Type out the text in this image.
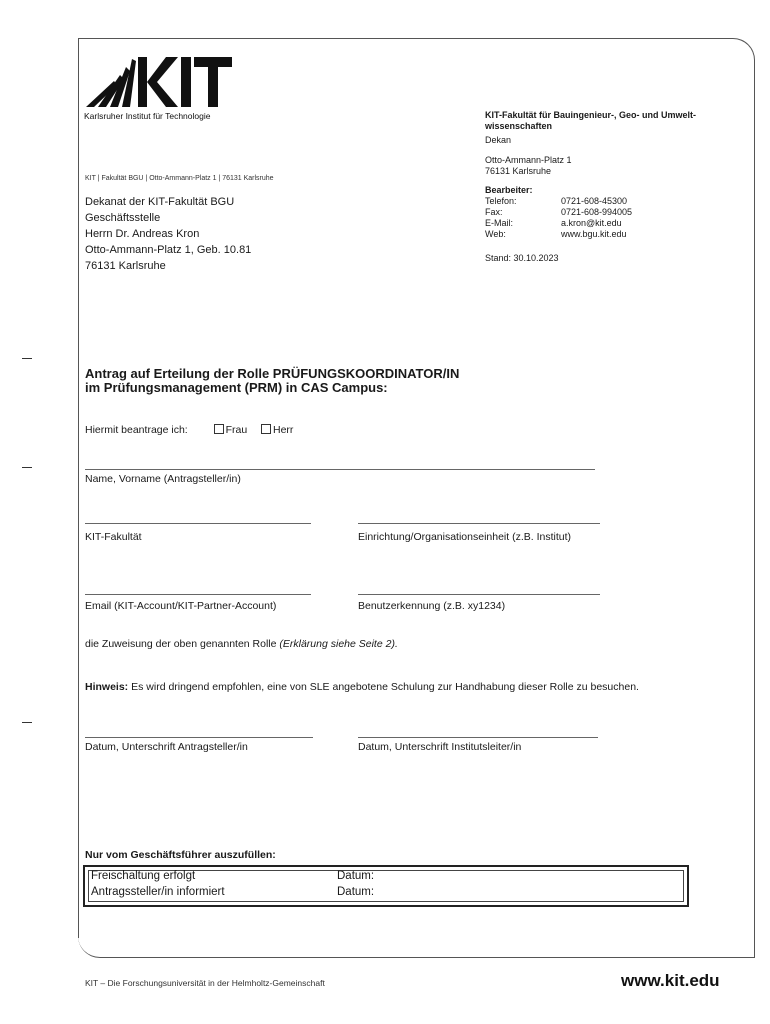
Karlsruher Institut für Technologie
KIT | Fakultät BGU | Otto-Ammann-Platz 1 | 76131 Karlsruhe
Dekanat der KIT-Fakultät BGU
Geschäftsstelle
Herrn Dr. Andreas Kron
Otto-Ammann-Platz 1, Geb. 10.81
76131 Karlsruhe
KIT-Fakultät für Bauingenieur-, Geo- und Umwelt-wissenschaften
Dekan
Otto-Ammann-Platz 1
76131 Karlsruhe
Bearbeiter:
Telefon:	0721-608-45300
Fax:	0721-608-994005
E-Mail:	a.kron@kit.edu
Web:	www.bgu.kit.edu
Stand: 30.10.2023
Antrag auf Erteilung der Rolle PRÜFUNGSKOORDINATOR/IN
im Prüfungsmanagement (PRM) in CAS Campus:
Hiermit beantrage ich:	Frau Herr
Name, Vorname (Antragsteller/in)
KIT-Fakultät	Einrichtung/Organisationseinheit (z.B. Institut)
Email (KIT-Account/KIT-Partner-Account)	Benutzerkennung (z.B. xy1234)
die Zuweisung der oben genannten Rolle (Erklärung siehe Seite 2).
Hinweis: Es wird dringend empfohlen, eine von SLE angebotene Schulung zur Handhabung dieser Rolle zu besuchen.
Datum, Unterschrift Antragsteller/in	Datum, Unterschrift Institutsleiter/in
Nur vom Geschäftsführer auszufüllen:
Freischaltung erfolgt	Datum:
Antragssteller/in informiert	Datum:
KIT – Die Forschungsuniversität in der Helmholtz-Gemeinschaft	www.kit.edu
